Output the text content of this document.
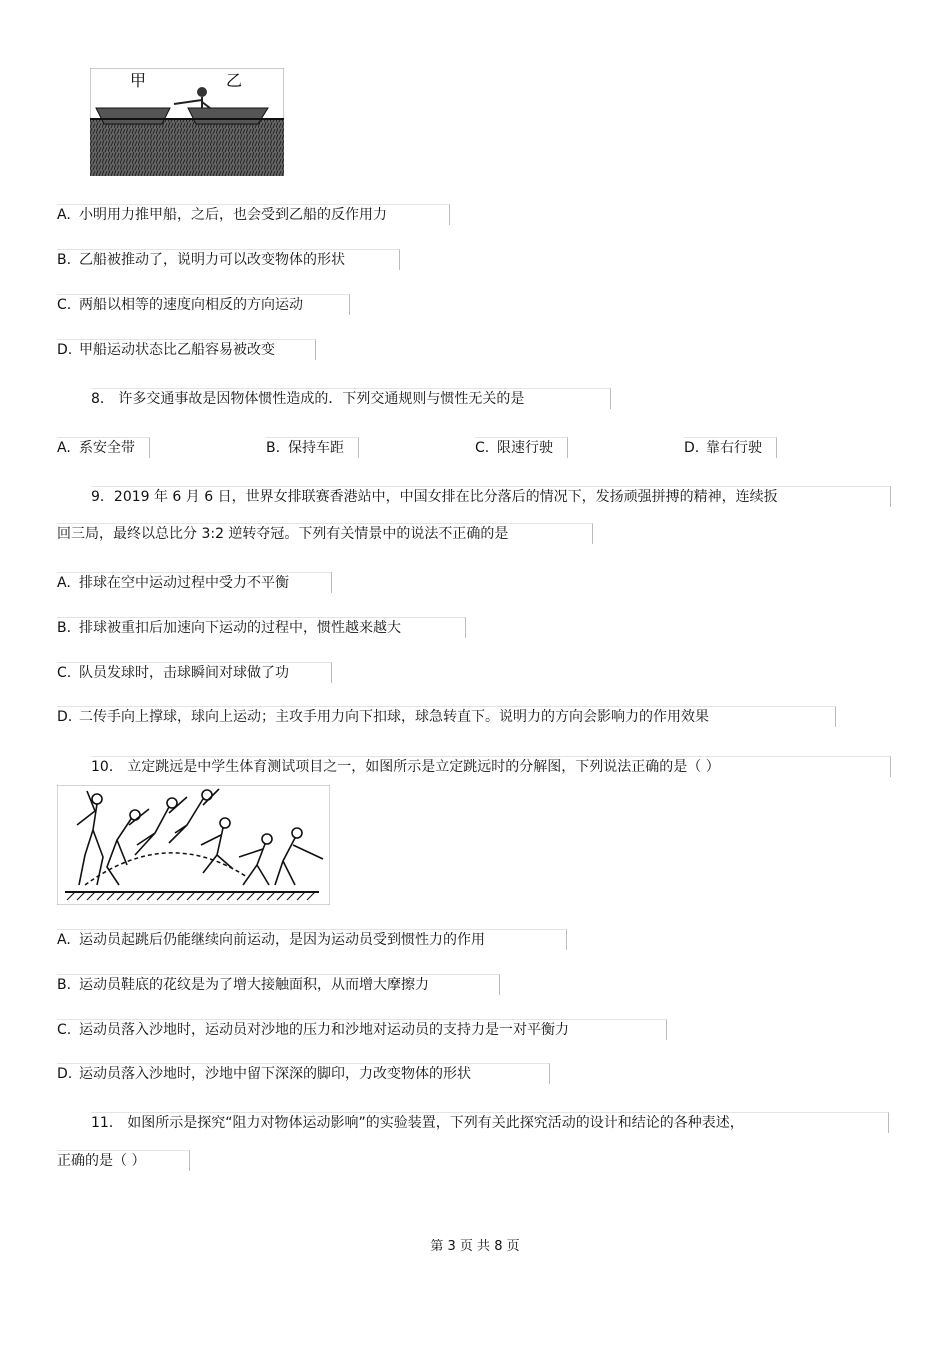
甲	乙
A. 小明用力推甲船，之后，也会受到乙船的反作用力
B. 乙船被推动了，说明力可以改变物体的形状
C. 两船以相等的速度向相反的方向运动
D. 甲船运动状态比乙船容易被改变
8． 许多交通事故是因物体惯性造成的．下列交通规则与惯性无关的是
A. 系安全带	B. 保持车距	C. 限速行驶	D. 靠右行驶
9．2019 年 6 月 6 日，世界女排联赛香港站中，中国女排在比分落后的情况下，发扬顽强拼搏的精神，连续扳
回三局，最终以总比分 3:2 逆转夺冠。下列有关情景中的说法不正确的是
A. 排球在空中运动过程中受力不平衡
B. 排球被重扣后加速向下运动的过程中，惯性越来越大
C. 队员发球时，击球瞬间对球做了功
D. 二传手向上撑球，球向上运动；主攻手用力向下扣球，球急转直下。说明力的方向会影响力的作用效果
10． 立定跳远是中学生体育测试项目之一，如图所示是立定跳远时的分解图，下列说法正确的是（ ）
A. 运动员起跳后仍能继续向前运动，是因为运动员受到惯性力的作用
B. 运动员鞋底的花纹是为了增大接触面积，从而增大摩擦力
C. 运动员落入沙地时，运动员对沙地的压力和沙地对运动员的支持力是一对平衡力
D. 运动员落入沙地时，沙地中留下深深的脚印，力改变物体的形状
11． 如图所示是探究“阻力对物体运动影响”的实验装置，下列有关此探究活动的设计和结论的各种表述，
正确的是（ ）
第 3 页 共 8 页
